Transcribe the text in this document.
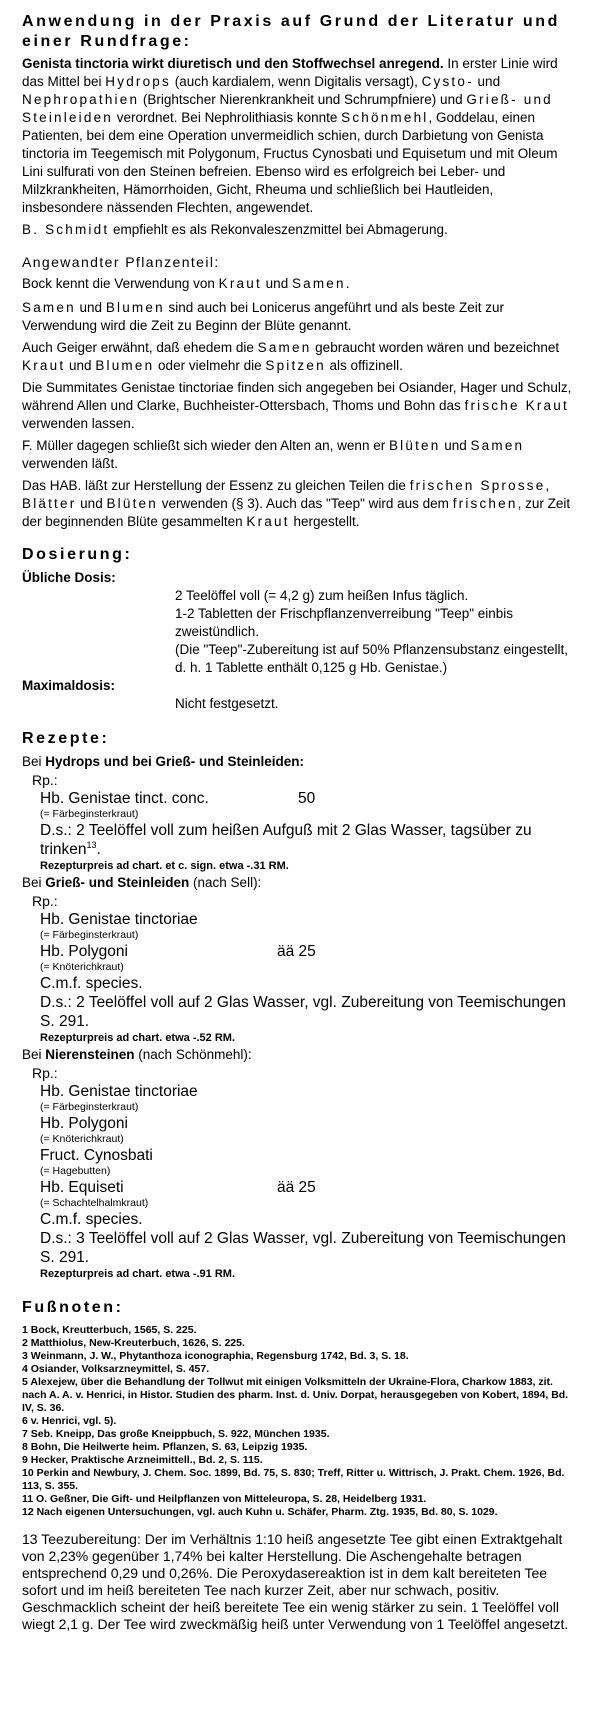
Anwendung in der Praxis auf Grund der Literatur und einer Rundfrage:

Genista tinctoria wirkt diuretisch und den Stoffwechsel anregend. In erster Linie wird das Mittel bei Hydrops (auch kardialem, wenn Digitalis versagt), Cysto- und Nephropathien (Brightscher Nierenkrankheit und Schrumpfniere) und Grieß- und Steinleiden verordnet. Bei Nephrolithiasis konnte Schönmehl, Goddelau, einen Patienten, bei dem eine Operation unvermeidlich schien, durch Darbietung von Genista tinctoria im Teegemisch mit Polygonum, Fructus Cynosbati und Equisetum und mit Oleum Lini sulfurati von den Steinen befreien. Ebenso wird es erfolgreich bei Leber- und Milzkrankheiten, Hämorrhoiden, Gicht, Rheuma und schließlich bei Hautleiden, insbesondere nässenden Flechten, angewendet.

B. Schmidt empfiehlt es als Rekonvaleszenzmittel bei Abmagerung.

Angewandter Pflanzenteil:

Bock kennt die Verwendung von Kraut und Samen.

Samen und Blumen sind auch bei Lonicerus angeführt und als beste Zeit zur Verwendung wird die Zeit zu Beginn der Blüte genannt.

Auch Geiger erwähnt, daß ehedem die Samen gebraucht worden wären und bezeichnet Kraut und Blumen oder vielmehr die Spitzen als offizinell.

Die Summitates Genistae tinctoriae finden sich angegeben bei Osiander, Hager und Schulz, während Allen und Clarke, Buchheister-Ottersbach, Thoms und Bohn das frische Kraut verwenden lassen.

F. Müller dagegen schließt sich wieder den Alten an, wenn er Blüten und Samen verwenden läßt.

Das HAB. läßt zur Herstellung der Essenz zu gleichen Teilen die frischen Sprosse, Blätter und Blüten verwenden (§ 3). Auch das "Teep" wird aus dem frischen, zur Zeit der beginnenden Blüte gesammelten Kraut hergestellt.

Dosierung:

Übliche Dosis:

2 Teelöffel voll (= 4,2 g) zum heißen Infus täglich.

1-2 Tabletten der Frischpflanzenverreibung "Teep" einbis zweistündlich.

(Die "Teep"-Zubereitung ist auf 50% Pflanzensubstanz eingestellt, d. h. 1 Tablette enthält 0,125 g Hb. Genistae.)

Maximaldosis:

Nicht festgesetzt.

Rezepte:

Bei Hydrops und bei Grieß- und Steinleiden:

Rp.:

Hb. Genistae tinct. conc.	50

(= Färbeginsterkraut)

D.s.: 2 Teelöffel voll zum heißen Aufguß mit 2 Glas Wasser, tagsüber zu trinken$^{13}$.

Rezepturpreis ad chart. et c. sign. etwa -.31 RM.

Bei Grieß- und Steinleiden (nach Sell):

Rp.:

Hb. Genistae tinctoriae

(= Färbeginsterkraut)

Hb. Polygoni	ää 25

(= Knöterichkraut)

C.m.f. species.

D.s.: 2 Teelöffel voll auf 2 Glas Wasser, vgl. Zubereitung von Teemischungen S. 291.

Rezepturpreis ad chart. etwa -.52 RM.

Bei Nierensteinen (nach Schönmehl):

Rp.:

Hb. Genistae tinctoriae

(= Färbeginsterkraut)

Hb. Polygoni

(= Knöterichkraut)

Fruct. Cynosbati

(= Hagebutten)

Hb. Equiseti	ää 25

(= Schachtelhalmkraut)

C.m.f. species.

D.s.: 3 Teelöffel voll auf 2 Glas Wasser, vgl. Zubereitung von Teemischungen S. 291.

Rezepturpreis ad chart. etwa -.91 RM.

Fußnoten:

1 Bock, Kreutterbuch, 1565, S. 225.

2 Matthiolus, New-Kreuterbuch, 1626, S. 225.

3 Weinmann, J. W., Phytanthoza iconographia, Regensburg 1742, Bd. 3, S. 18.

4 Osiander, Volksarzneymittel, S. 457.

5 Alexejew, über die Behandlung der Tollwut mit einigen Volksmitteln der Ukraine-Flora, Charkow 1883, zit. nach A. A. v. Henrici, in Histor. Studien des pharm. Inst. d. Univ. Dorpat, herausgegeben von Kobert, 1894, Bd. IV, S. 36.

6 v. Henrici, vgl. 5).

7 Seb. Kneipp, Das große Kneippbuch, S. 922, München 1935.

8 Bohn, Die Heilwerte heim. Pflanzen, S. 63, Leipzig 1935.

9 Hecker, Praktische Arzneimittell., Bd. 2, S. 115.

10 Perkin and Newbury, J. Chem. Soc. 1899, Bd. 75, S. 830; Treff, Ritter u. Wittrisch, J. Prakt. Chem. 1926, Bd. 113, S. 355.

11 O. Geßner, Die Gift- und Heilpflanzen von Mitteleuropa, S. 28, Heidelberg 1931.

12 Nach eigenen Untersuchungen, vgl. auch Kuhn u. Schäfer, Pharm. Ztg. 1935, Bd. 80, S. 1029.

13 Teezubereitung: Der im Verhältnis 1:10 heiß angesetzte Tee gibt einen Extraktgehalt von 2,23% gegenüber 1,74% bei kalter Herstellung. Die Aschengehalte betragen entsprechend 0,29 und 0,26%. Die Peroxydasereaktion ist in dem kalt bereiteten Tee sofort und im heiß bereiteten Tee nach kurzer Zeit, aber nur schwach, positiv. Geschmacklich scheint der heiß bereitete Tee ein wenig stärker zu sein. 1 Teelöffel voll wiegt 2,1 g. Der Tee wird zweckmäßig heiß unter Verwendung von 1 Teelöffel angesetzt.
